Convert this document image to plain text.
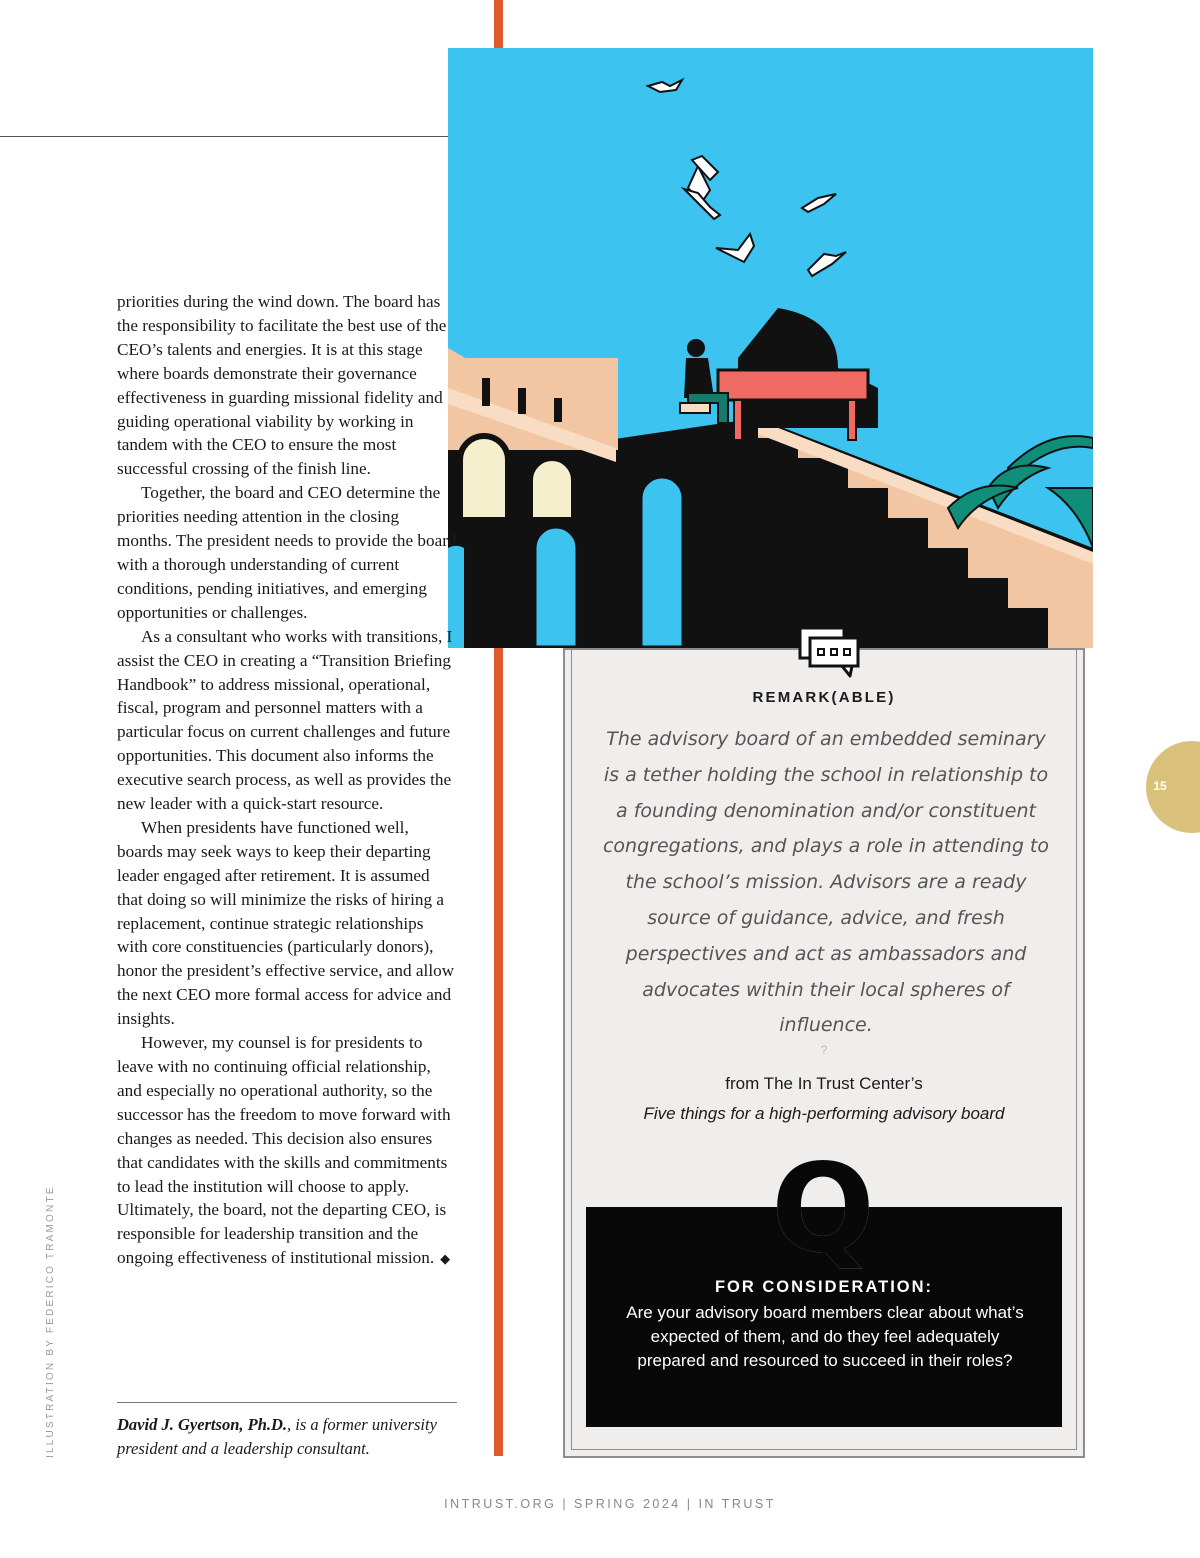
priorities during the wind down. The board has the responsibility to facilitate the best use of the CEO’s talents and energies. It is at this stage where boards demonstrate their governance effectiveness in guarding missional fidelity and guiding operational viability by working in tandem with the CEO to ensure the most successful crossing of the finish line.

Together, the board and CEO determine the priorities needing attention in the closing months. The president needs to provide the board with a thorough understanding of current conditions, pending initiatives, and emerging opportunities or challenges.

As a consultant who works with transitions, I assist the CEO in creating a “Transition Briefing Handbook” to address missional, operational, fiscal, program and personnel matters with a particular focus on current challenges and future opportunities. This document also informs the executive search process, as well as provides the new leader with a quick-start resource.

When presidents have functioned well, boards may seek ways to keep their departing leader engaged after retirement. It is assumed that doing so will minimize the risks of hiring a replacement, continue strategic relationships with core constituencies (particularly donors), honor the president’s effective service, and allow the next CEO more formal access for advice and insights.

However, my counsel is for presidents to leave with no continuing official relationship, and especially no operational authority, so the successor has the freedom to move forward with changes as needed. This decision also ensures that candidates with the skills and commitments to lead the institution will choose to apply. Ultimately, the board, not the departing CEO, is responsible for leadership transition and the ongoing effectiveness of institutional mission. ◆

David J. Gyertson, Ph.D., is a former university president and a leadership consultant.
ILLUSTRATION BY FEDERICO TRAMONTE
REMARK(ABLE)
The advisory board of an embedded seminary is a tether holding the school in relationship to a founding denomination and/or constituent congregations, and plays a role in attending to the school’s mission. Advisors are a ready source of guidance, advice, and fresh perspectives and act as ambassadors and advocates within their local spheres of influence.
?
from The In Trust Center’s
Five things for a high-performing advisory board
Q
FOR CONSIDERATION:
Are your advisory board members clear about what’s expected of them, and do they feel adequately prepared and resourced to succeed in their roles?
15
INTRUST.ORG | SPRING 2024 | IN TRUST
